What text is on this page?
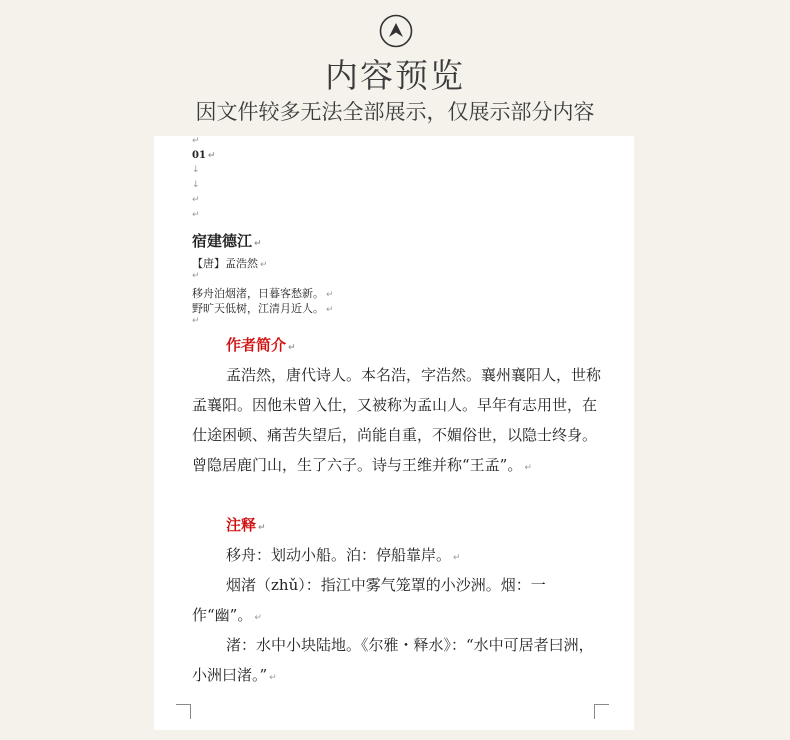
内容预览
因文件较多无法全部展示，仅展示部分内容
↵
01 ↵
↓
↓
↵
↵
宿建德江 ↵
【唐】孟浩然 ↵
↵
移舟泊烟渚，日暮客愁新。 ↵
野旷天低树，江清月近人。 ↵
↵
作者简介 ↵
孟浩然，唐代诗人。本名浩，字浩然。襄州襄阳人，世称孟襄阳。因他未曾入仕，又被称为孟山人。早年有志用世，在仕途困顿、痛苦失望后，尚能自重，不媚俗世，以隐士终身。曾隐居鹿门山，生了六子。诗与王维并称“王孟”。 ↵
注释 ↵
移舟：划动小船。泊：停船靠岸。 ↵
烟渚（zhǔ）：指江中雾气笼罩的小沙洲。烟：一作“幽”。 ↵
渚：水中小块陆地。《尔雅・释水》：“水中可居者曰洲，小洲曰渚。” ↵
